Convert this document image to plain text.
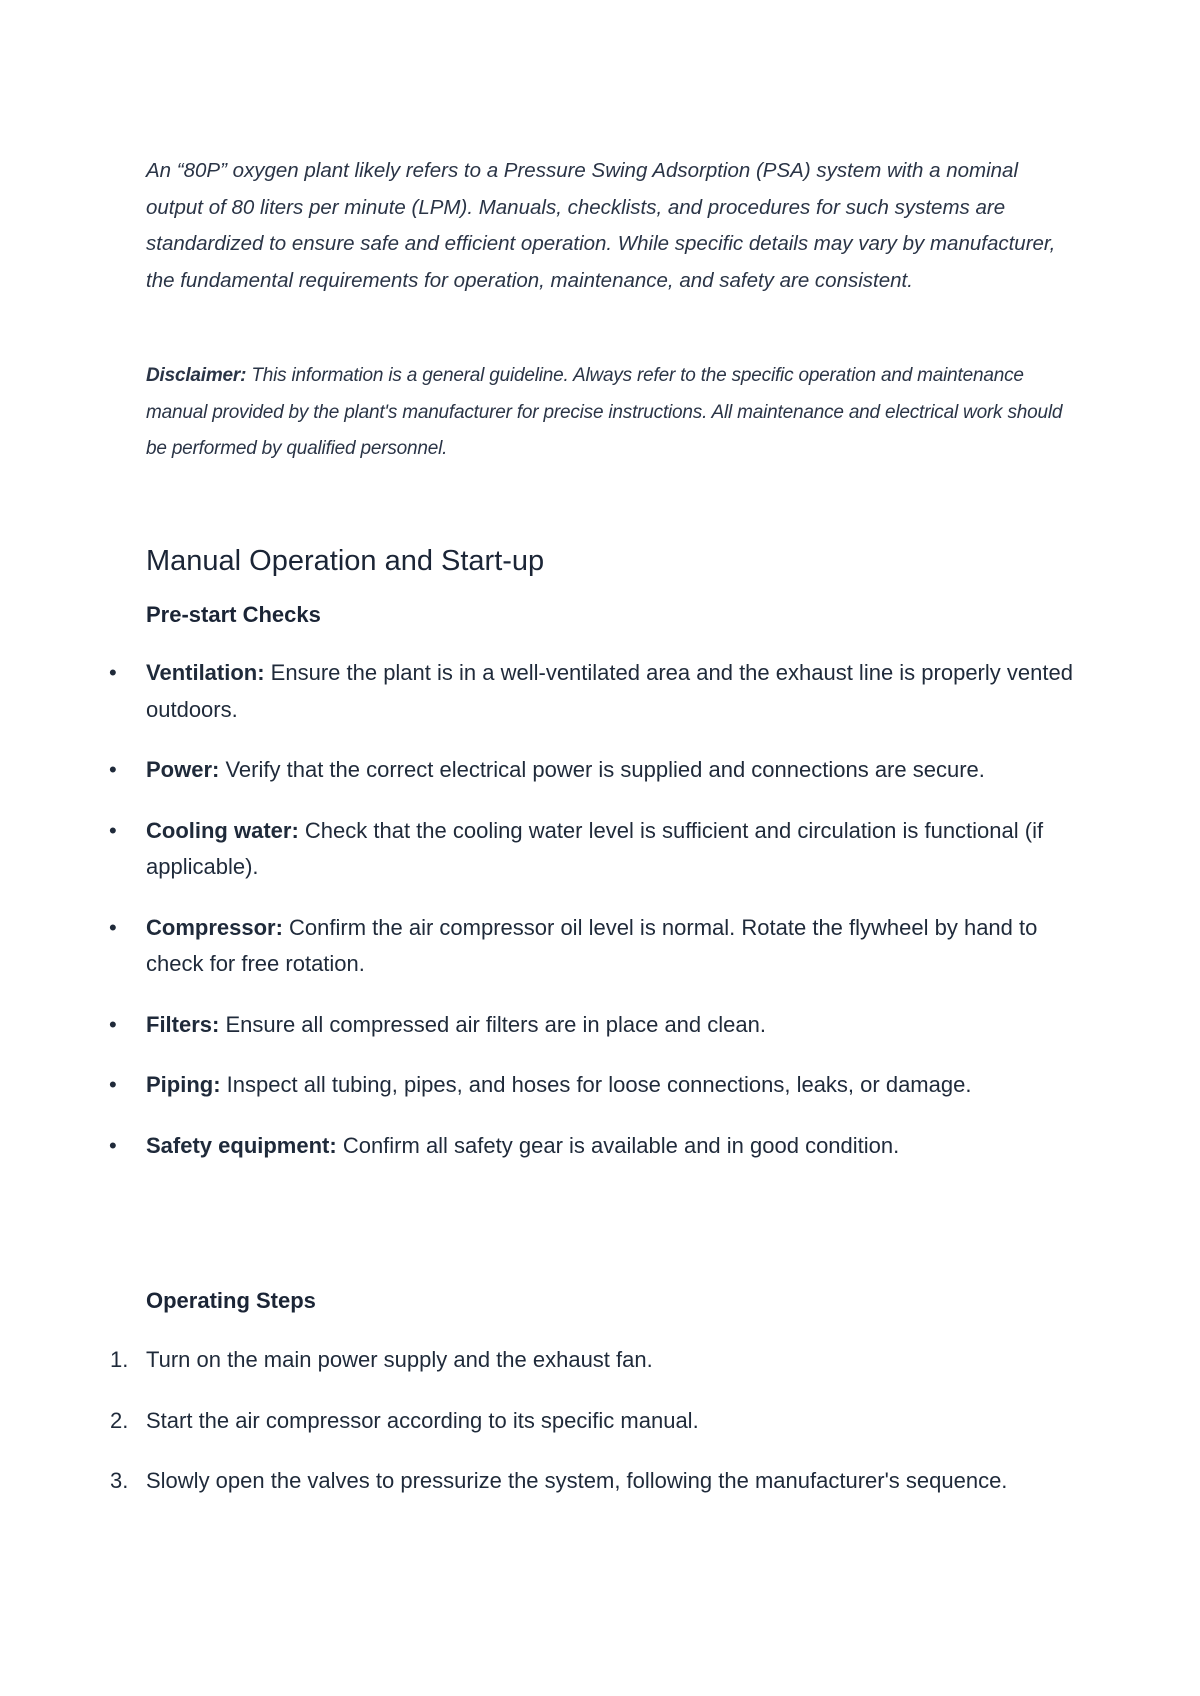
An “80P” oxygen plant likely refers to a Pressure Swing Adsorption (PSA) system with a nominal output of 80 liters per minute (LPM). Manuals, checklists, and procedures for such systems are standardized to ensure safe and efficient operation. While specific details may vary by manufacturer, the fundamental requirements for operation, maintenance, and safety are consistent.

Disclaimer: This information is a general guideline. Always refer to the specific operation and maintenance manual provided by the plant's manufacturer for precise instructions. All maintenance and electrical work should be performed by qualified personnel.

Manual Operation and Start-up
Pre-start Checks
• Ventilation: Ensure the plant is in a well-ventilated area and the exhaust line is properly vented outdoors.
• Power: Verify that the correct electrical power is supplied and connections are secure.
• Cooling water: Check that the cooling water level is sufficient and circulation is functional (if applicable).
• Compressor: Confirm the air compressor oil level is normal. Rotate the flywheel by hand to check for free rotation.
• Filters: Ensure all compressed air filters are in place and clean.
• Piping: Inspect all tubing, pipes, and hoses for loose connections, leaks, or damage.
• Safety equipment: Confirm all safety gear is available and in good condition.
Operating Steps
1. Turn on the main power supply and the exhaust fan.
2. Start the air compressor according to its specific manual.
3. Slowly open the valves to pressurize the system, following the manufacturer's sequence.
